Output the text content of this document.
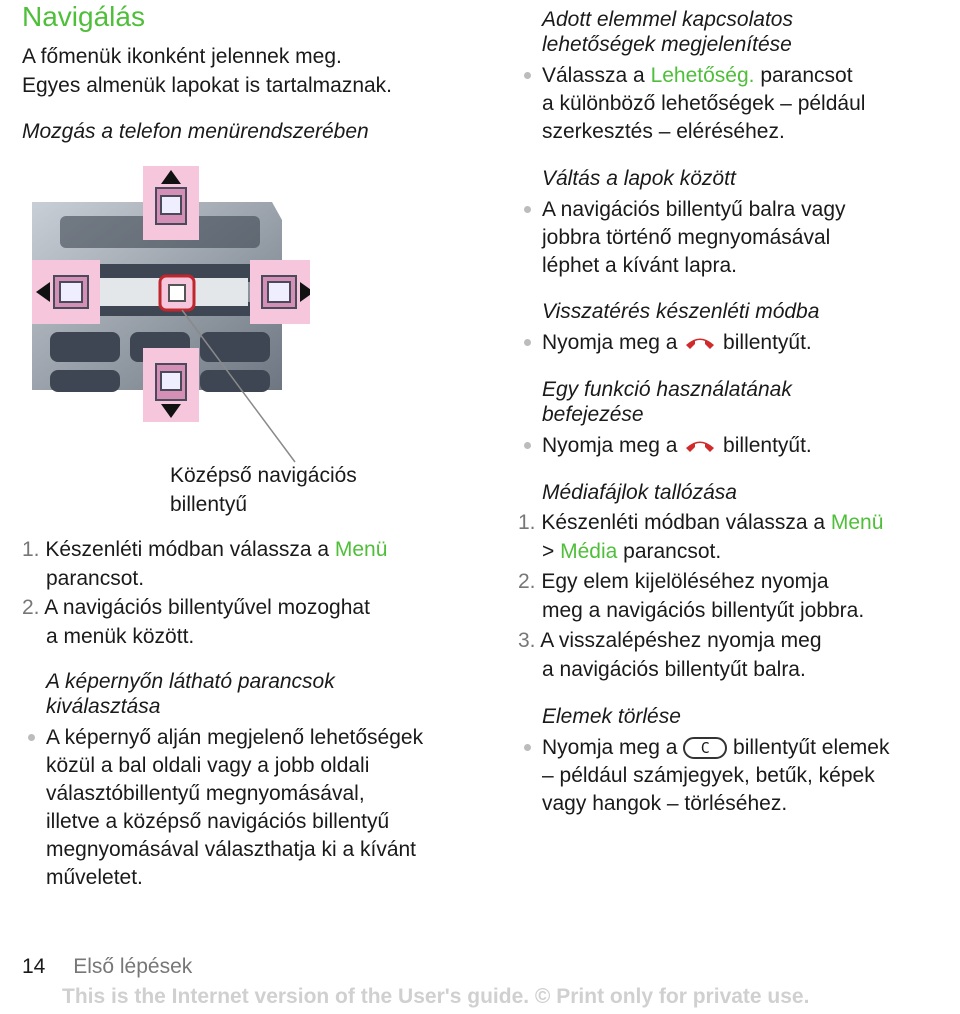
Navigálás
A főmenük ikonként jelennek meg.
Egyes almenük lapokat is tartalmaznak.
Mozgás a telefon menürendszerében
Középső navigációs
billentyű
1. Készenléti módban válassza a Menü
parancsot.
2. A navigációs billentyűvel mozoghat
a menük között.
A képernyőn látható parancsok
kiválasztása
A képernyő alján megjelenő lehetőségek
közül a bal oldali vagy a jobb oldali
választóbillentyű megnyomásával,
illetve a középső navigációs billentyű
megnyomásával választhatja ki a kívánt
műveletet.
Adott elemmel kapcsolatos
lehetőségek megjelenítése
Válassza a Lehetőség. parancsot
a különböző lehetőségek – például
szerkesztés – eléréséhez.
Váltás a lapok között
A navigációs billentyű balra vagy
jobbra történő megnyomásával
léphet a kívánt lapra.
Visszatérés készenléti módba
Nyomja meg a  billentyűt.
Egy funkció használatának
befejezése
Nyomja meg a  billentyűt.
Médiafájlok tallózása
1. Készenléti módban válassza a Menü
> Média parancsot.
2. Egy elem kijelöléséhez nyomja
meg a navigációs billentyűt jobbra.
3. A visszalépéshez nyomja meg
a navigációs billentyűt balra.
Elemek törlése
Nyomja meg a C billentyűt elemek
– például számjegyek, betűk, képek
vagy hangok – törléséhez.
14 Első lépések
This is the Internet version of the User's guide. © Print only for private use.
